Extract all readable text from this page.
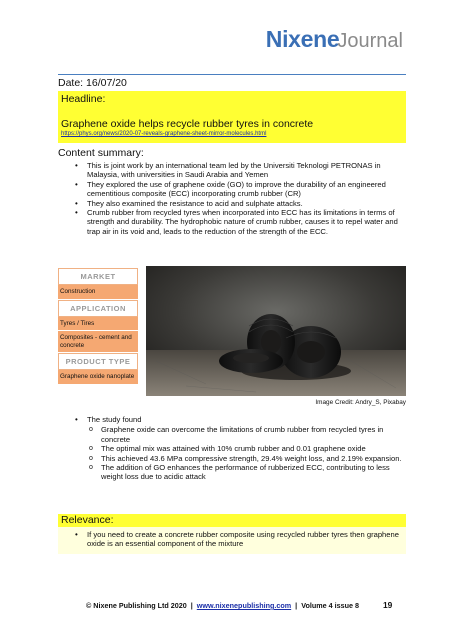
NixeneJournal
Date: 16/07/20
Headline:
Graphene oxide helps recycle rubber tyres in concrete
https://phys.org/news/2020-07-reveals-graphene-sheet-mirror-molecules.html
Content summary:
• This is joint work by an international team led by the Universiti Teknologi PETRONAS in Malaysia, with universities in Saudi Arabia and Yemen
• They explored the use of graphene oxide (GO) to improve the durability of an engineered cementitious composite (ECC) incorporating crumb rubber (CR)
• They also examined the resistance to acid and sulphate attacks.
• Crumb rubber from recycled tyres when incorporated into ECC has its limitations in terms of strength and durability. The hydrophobic nature of crumb rubber, causes it to repel water and trap air in its void and, leads to the reduction of the strength of the ECC.
MARKET
Construction
APPLICATION
Tyres / Tires
Composites - cement and concrete
PRODUCT TYPE
Graphene oxide nanoplate
Image Credit: Andry_S, Pixabay
• The study found
o Graphene oxide can overcome the limitations of crumb rubber from recycled tyres in concrete
o The optimal mix was attained with 10% crumb rubber and 0.01 graphene oxide
o This achieved 43.6 MPa compressive strength, 29.4% weight loss, and 2.19% expansion.
o The addition of GO enhances the performance of rubberized ECC, contributing to less weight loss due to acidic attack
Relevance:
• If you need to create a concrete rubber composite using recycled rubber tyres then graphene oxide is an essential component of the mixture
© Nixene Publishing Ltd 2020 | www.nixenepublishing.com | Volume 4 issue 8	19
